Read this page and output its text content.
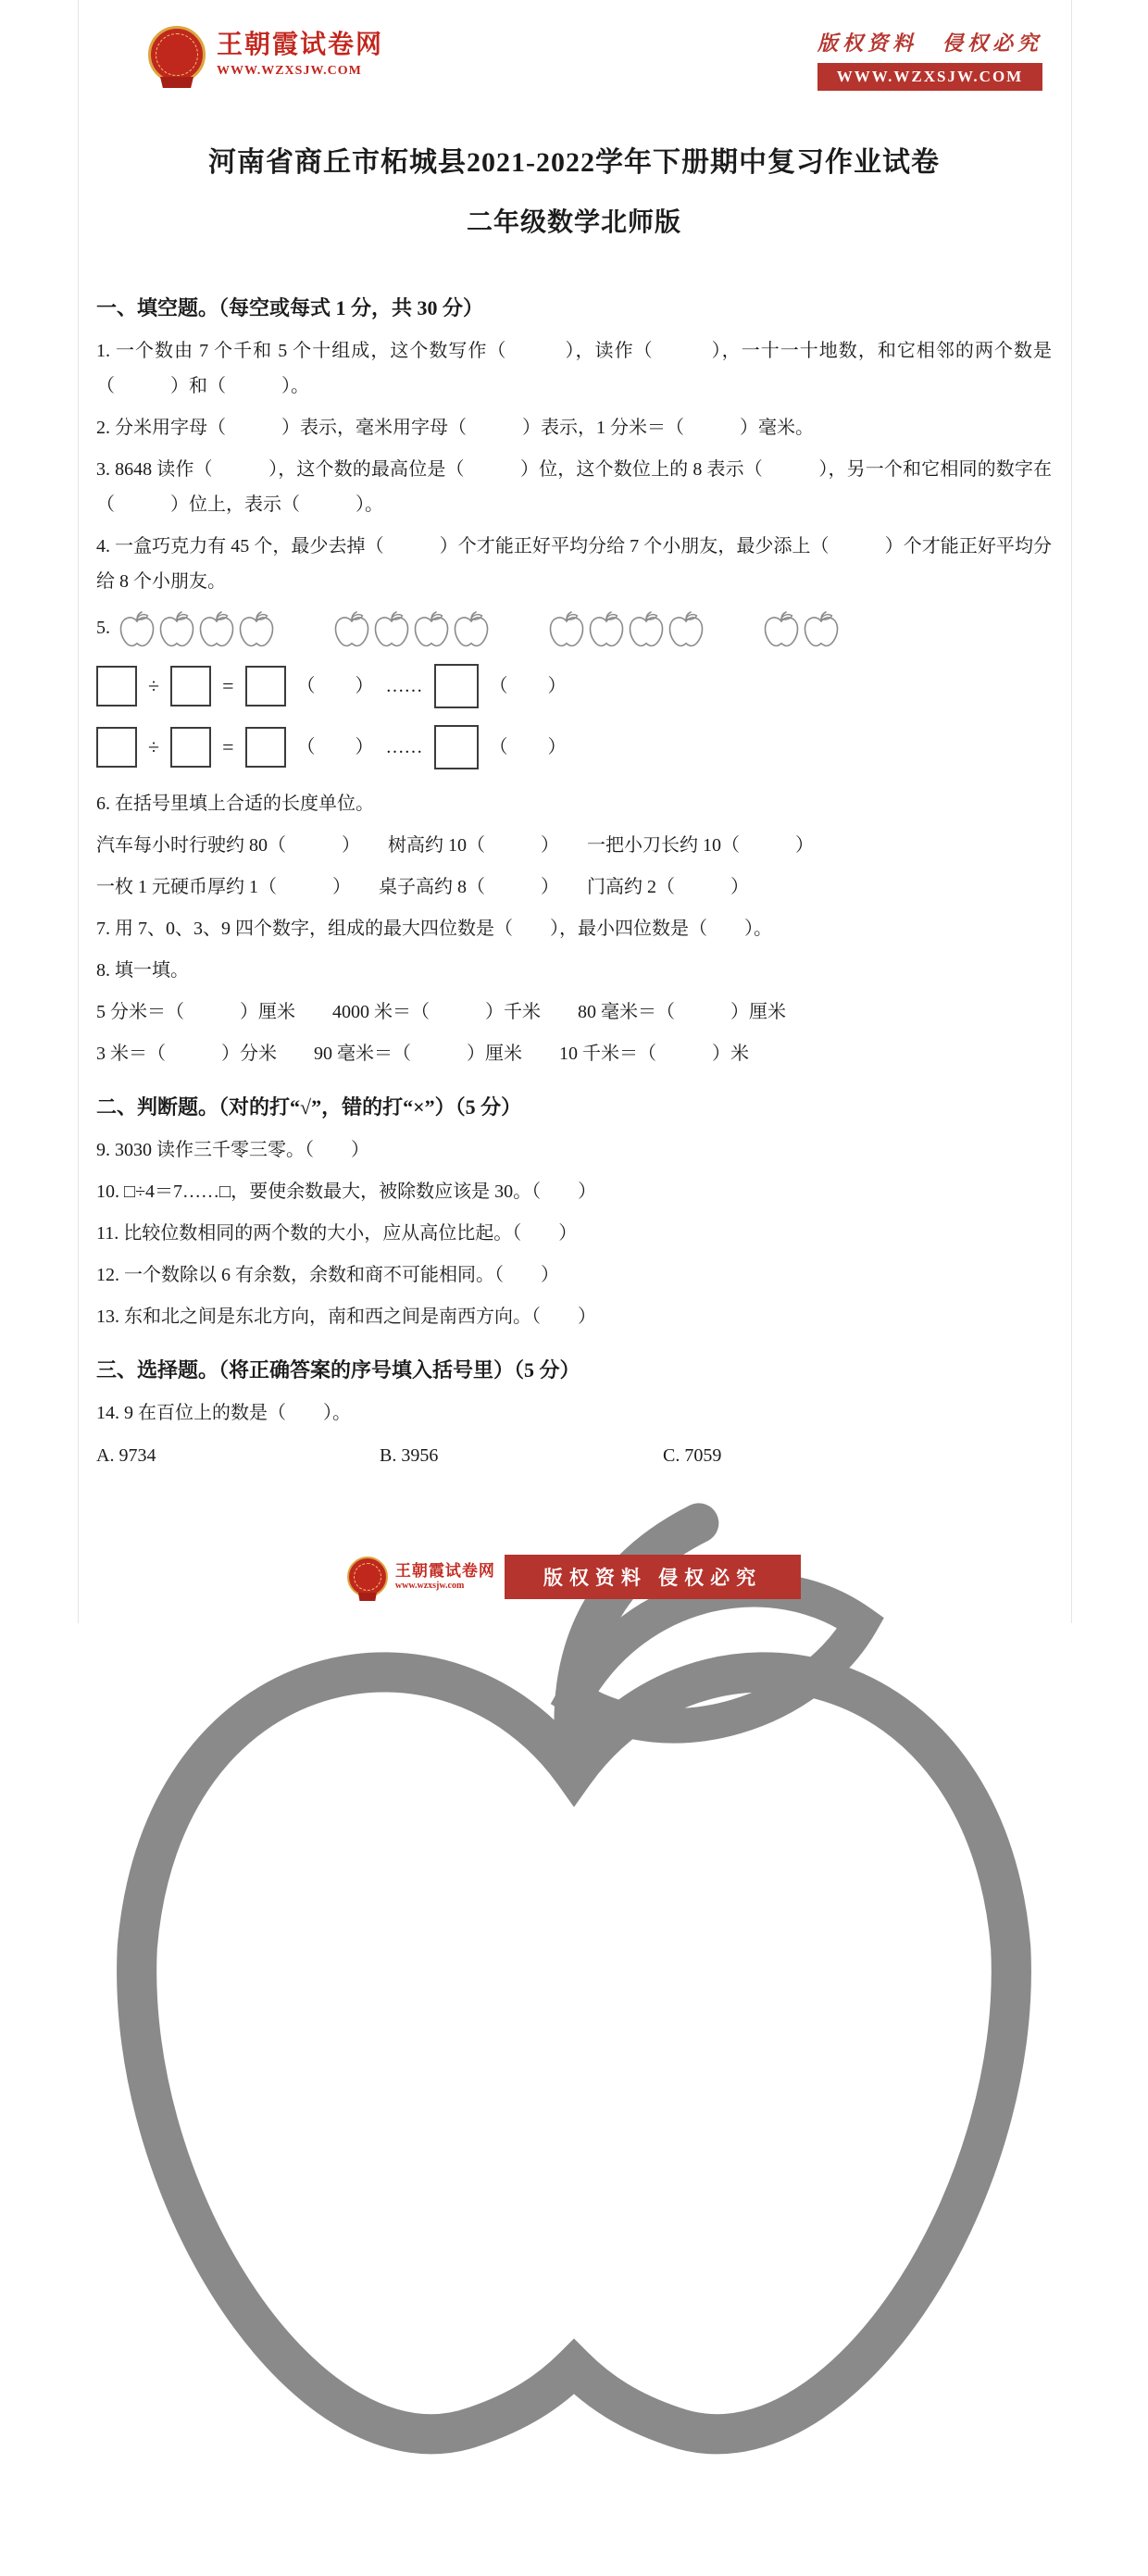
王朝霞试卷网
WWW.WZXSJW.COM
版权资料　侵权必究
WWW.WZXSJW.COM
河南省商丘市柘城县2021-2022学年下册期中复习作业试卷
二年级数学北师版
一、填空题。（每空或每式 1 分，共 30 分）

1. 一个数由 7 个千和 5 个十组成，这个数写作（　　　），读作（　　　），一十一十地数，和它相邻的两个数是（　　　）和（　　　）。

2. 分米用字母（　　　）表示，毫米用字母（　　　）表示，1 分米＝（　　　）毫米。

3. 8648 读作（　　　），这个数的最高位是（　　　）位，这个数位上的 8 表示（　　　），另一个和它相同的数字在（　　　）位上，表示（　　　）。

4. 一盒巧克力有 45 个，最少去掉（　　　）个才能正好平均分给 7 个小朋友，最少添上（　　　）个才能正好平均分给 8 个小朋友。

5.
÷	=	（　　） ……	（　　）
÷	=	（　　） ……	（　　）

6. 在括号里填上合适的长度单位。

汽车每小时行驶约 80（　　　）　　树高约 10（　　　）　　一把小刀长约 10（　　　）

一枚 1 元硬币厚约 1（　　　）　　桌子高约 8（　　　）　　门高约 2（　　　）

7. 用 7、0、3、9 四个数字，组成的最大四位数是（　　），最小四位数是（　　）。

8. 填一填。

5 分米＝（　　　）厘米　　4000 米＝（　　　）千米　　80 毫米＝（　　　）厘米

3 米＝（　　　）分米　　90 毫米＝（　　　）厘米　　10 千米＝（　　　）米

二、判断题。（对的打“√”，错的打“×”）（5 分）

9. 3030 读作三千零三零。（　　）

10. □÷4＝7……□，要使余数最大，被除数应该是 30。（　　）

11. 比较位数相同的两个数的大小，应从高位比起。（　　）

12. 一个数除以 6 有余数，余数和商不可能相同。（　　）

13. 东和北之间是东北方向，南和西之间是南西方向。（　　）

三、选择题。（将正确答案的序号填入括号里）（5 分）

14. 9 在百位上的数是（　　）。

A. 9734	B. 3956	C. 7059
王朝霞试卷网
www.wzxsjw.com	版权资料 侵权必究
